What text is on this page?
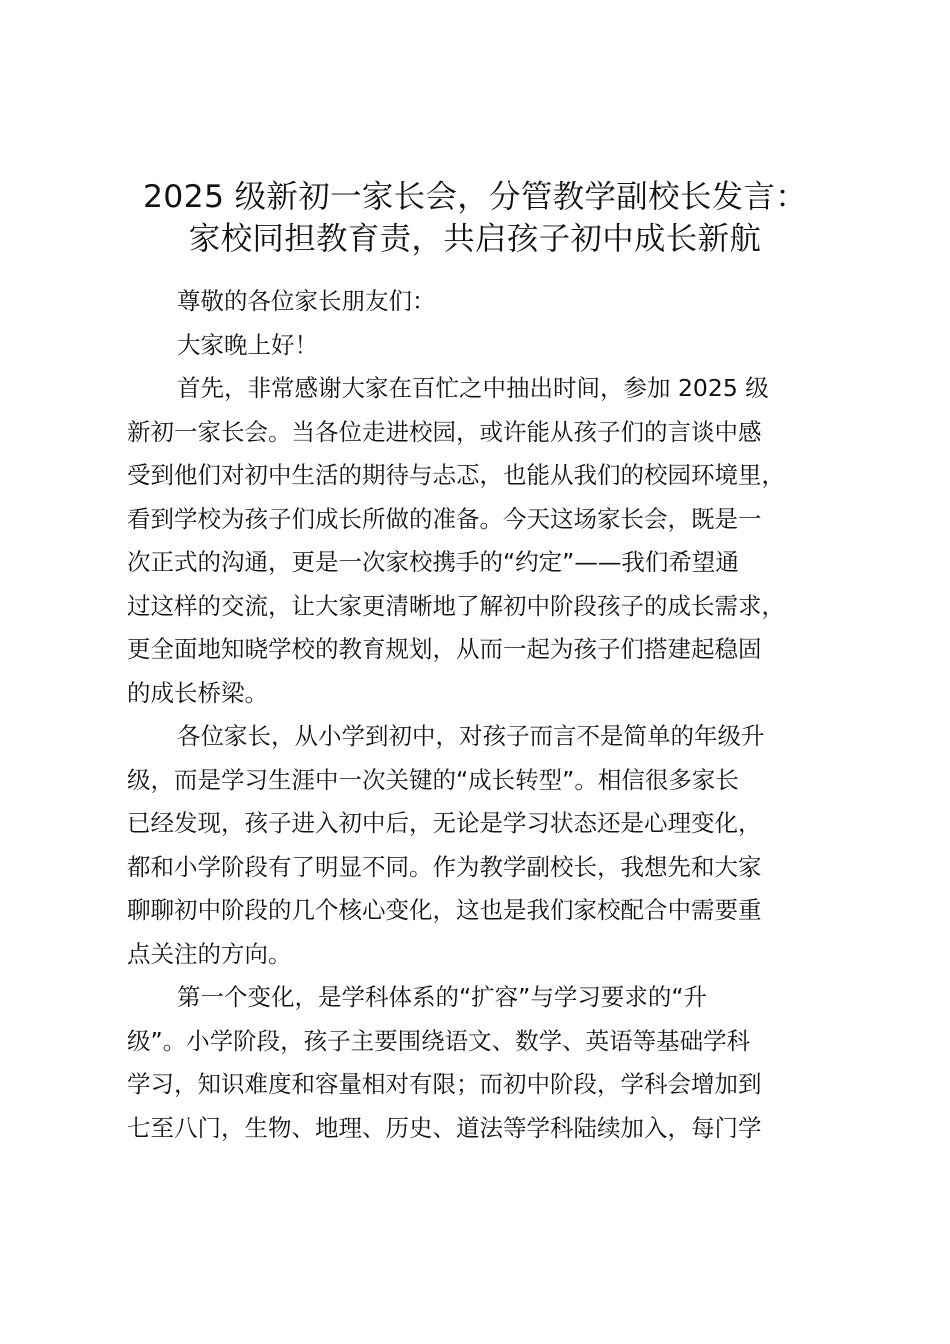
2025 级新初一家长会，分管教学副校长发言：
家校同担教育责，共启孩子初中成长新航
尊敬的各位家长朋友们：
大家晚上好！
首先，非常感谢大家在百忙之中抽出时间，参加 2025 级
新初一家长会。当各位走进校园，或许能从孩子们的言谈中感
受到他们对初中生活的期待与忐忑，也能从我们的校园环境里，
看到学校为孩子们成长所做的准备。今天这场家长会，既是一
次正式的沟通，更是一次家校携手的“约定”——我们希望通
过这样的交流，让大家更清晰地了解初中阶段孩子的成长需求，
更全面地知晓学校的教育规划，从而一起为孩子们搭建起稳固
的成长桥梁。
各位家长，从小学到初中，对孩子而言不是简单的年级升
级，而是学习生涯中一次关键的“成长转型”。相信很多家长
已经发现，孩子进入初中后，无论是学习状态还是心理变化，
都和小学阶段有了明显不同。作为教学副校长，我想先和大家
聊聊初中阶段的几个核心变化，这也是我们家校配合中需要重
点关注的方向。
第一个变化，是学科体系的“扩容”与学习要求的“升
级”。小学阶段，孩子主要围绕语文、数学、英语等基础学科
学习，知识难度和容量相对有限；而初中阶段，学科会增加到
七至八门，生物、地理、历史、道法等学科陆续加入，每门学
